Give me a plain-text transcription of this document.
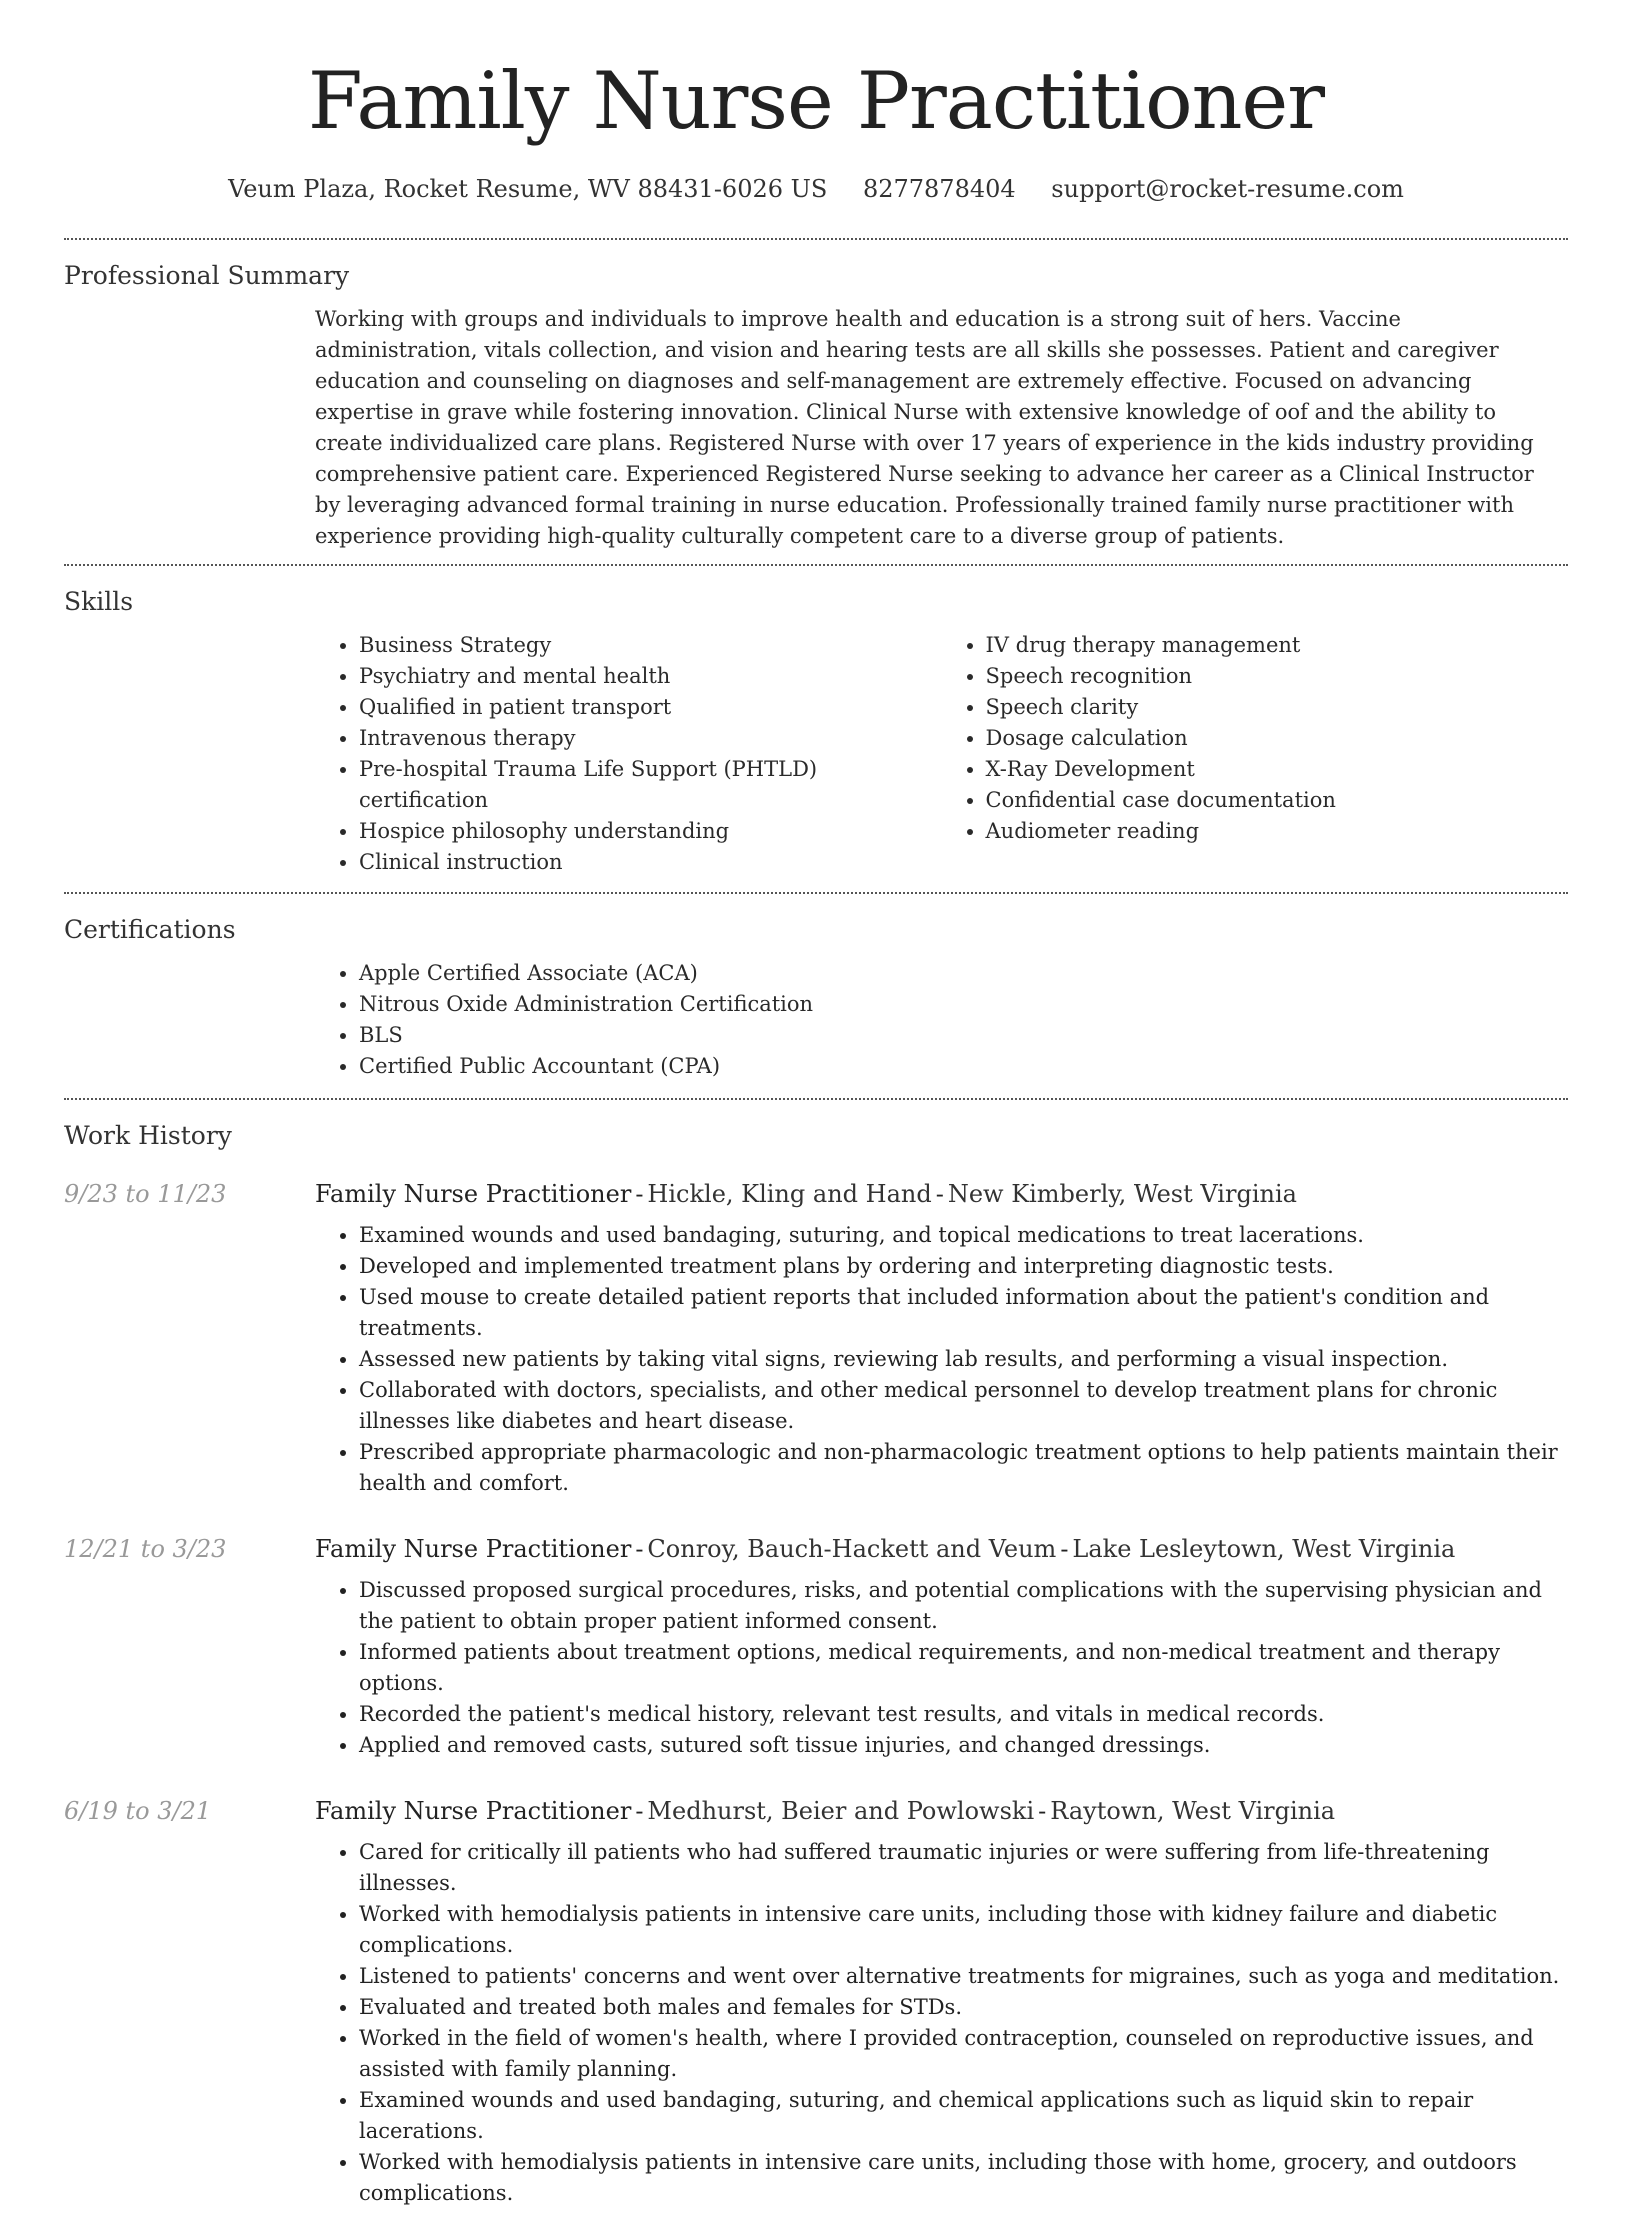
Family Nurse Practitioner
Veum Plaza, Rocket Resume, WV 88431-6026 US 8277878404 support@rocket-resume.com
Professional Summary
Working with groups and individuals to improve health and education is a strong suit of hers. Vaccine administration, vitals collection, and vision and hearing tests are all skills she possesses. Patient and caregiver education and counseling on diagnoses and self-management are extremely effective. Focused on advancing expertise in grave while fostering innovation. Clinical Nurse with extensive knowledge of oof and the ability to create individualized care plans. Registered Nurse with over 17 years of experience in the kids industry providing comprehensive patient care. Experienced Registered Nurse seeking to advance her career as a Clinical Instructor by leveraging advanced formal training in nurse education. Professionally trained family nurse practitioner with experience providing high-quality culturally competent care to a diverse group of patients.
Skills
• Business Strategy
• Psychiatry and mental health
• Qualified in patient transport
• Intravenous therapy
• Pre-hospital Trauma Life Support (PHTLD) certification
• Hospice philosophy understanding
• Clinical instruction
• IV drug therapy management
• Speech recognition
• Speech clarity
• Dosage calculation
• X-Ray Development
• Confidential case documentation
• Audiometer reading
Certifications
• Apple Certified Associate (ACA)
• Nitrous Oxide Administration Certification
• BLS
• Certified Public Accountant (CPA)
Work History
9/23 to 11/23	Family Nurse Practitioner - Hickle, Kling and Hand - New Kimberly, West Virginia
• Examined wounds and used bandaging, suturing, and topical medications to treat lacerations.
• Developed and implemented treatment plans by ordering and interpreting diagnostic tests.
• Used mouse to create detailed patient reports that included information about the patient's condition and treatments.
• Assessed new patients by taking vital signs, reviewing lab results, and performing a visual inspection.
• Collaborated with doctors, specialists, and other medical personnel to develop treatment plans for chronic illnesses like diabetes and heart disease.
• Prescribed appropriate pharmacologic and non-pharmacologic treatment options to help patients maintain their health and comfort.
12/21 to 3/23	Family Nurse Practitioner - Conroy, Bauch-Hackett and Veum - Lake Lesleytown, West Virginia
• Discussed proposed surgical procedures, risks, and potential complications with the supervising physician and the patient to obtain proper patient informed consent.
• Informed patients about treatment options, medical requirements, and non-medical treatment and therapy options.
• Recorded the patient's medical history, relevant test results, and vitals in medical records.
• Applied and removed casts, sutured soft tissue injuries, and changed dressings.
6/19 to 3/21	Family Nurse Practitioner - Medhurst, Beier and Powlowski - Raytown, West Virginia
• Cared for critically ill patients who had suffered traumatic injuries or were suffering from life-threatening illnesses.
• Worked with hemodialysis patients in intensive care units, including those with kidney failure and diabetic complications.
• Listened to patients' concerns and went over alternative treatments for migraines, such as yoga and meditation.
• Evaluated and treated both males and females for STDs.
• Worked in the field of women's health, where I provided contraception, counseled on reproductive issues, and assisted with family planning.
• Examined wounds and used bandaging, suturing, and chemical applications such as liquid skin to repair lacerations.
• Worked with hemodialysis patients in intensive care units, including those with home, grocery, and outdoors complications.
